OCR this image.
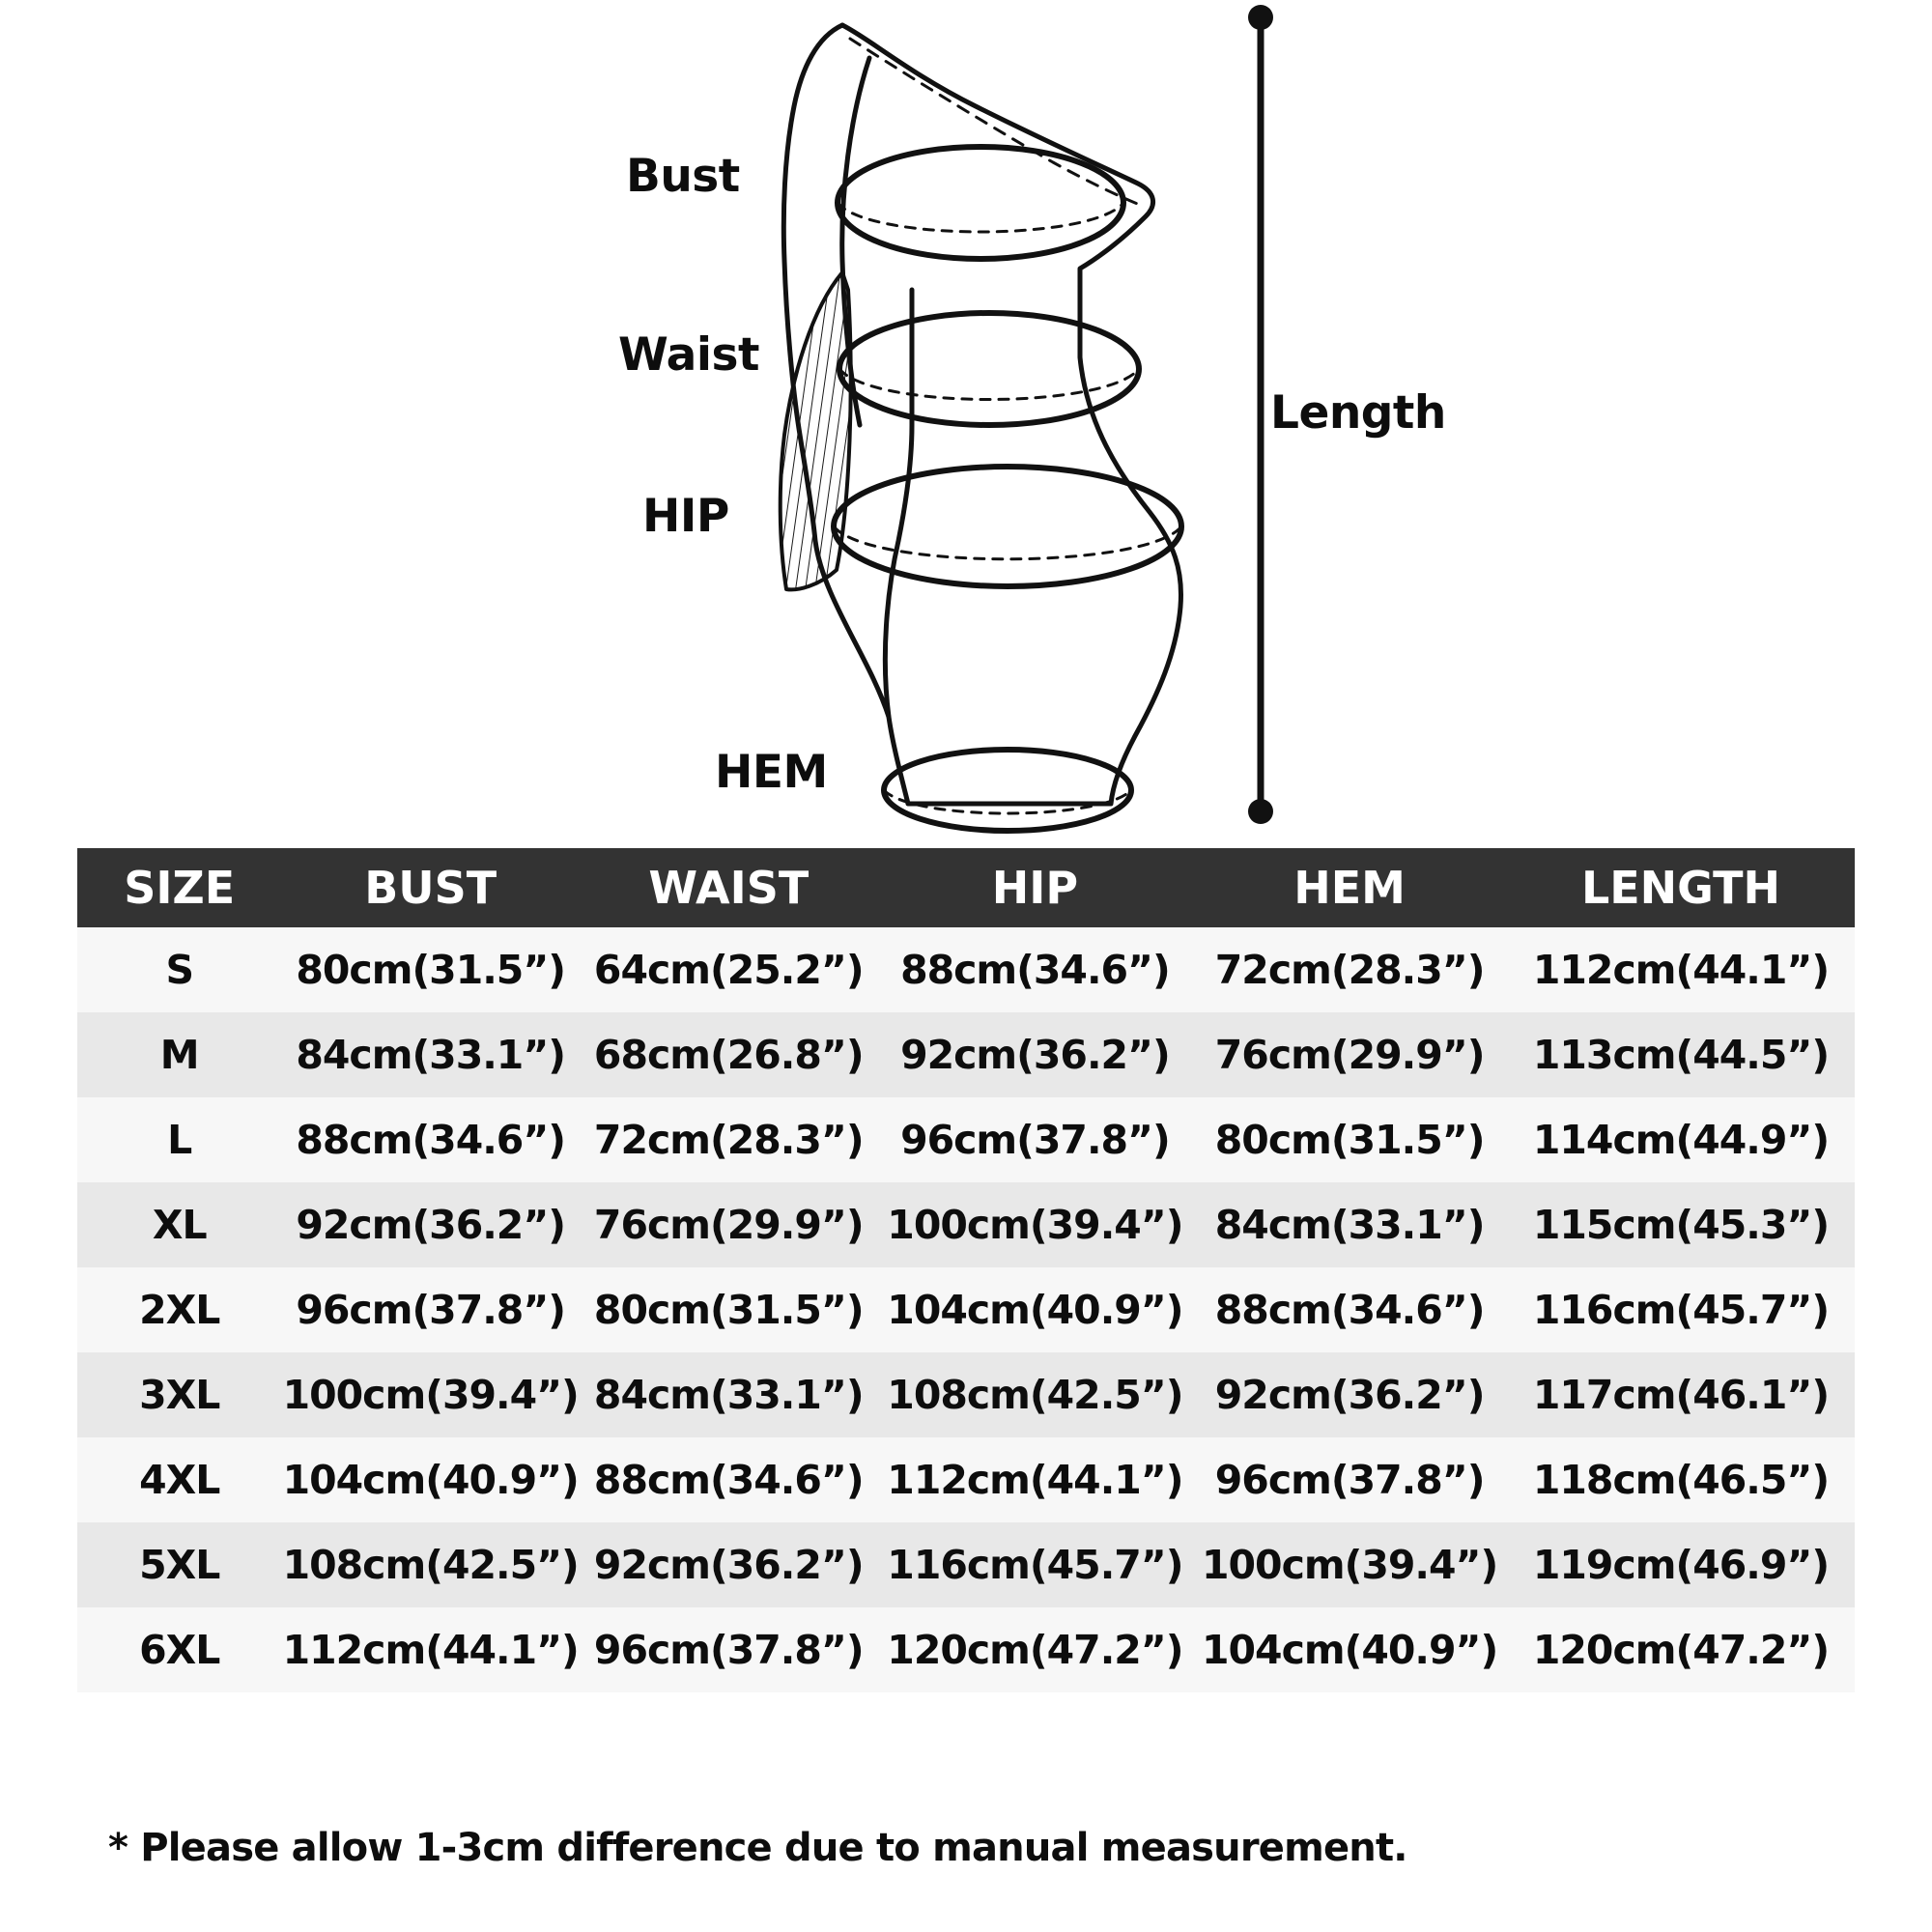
Bust
Waist
HIP
HEM
Length
SIZE	BUST	WAIST	HIP	HEM	LENGTH
S	80cm(31.5”)	64cm(25.2”)	88cm(34.6”)	72cm(28.3”)	112cm(44.1”)
M	84cm(33.1”)	68cm(26.8”)	92cm(36.2”)	76cm(29.9”)	113cm(44.5”)
L	88cm(34.6”)	72cm(28.3”)	96cm(37.8”)	80cm(31.5”)	114cm(44.9”)
XL	92cm(36.2”)	76cm(29.9”)	100cm(39.4”)	84cm(33.1”)	115cm(45.3”)
2XL	96cm(37.8”)	80cm(31.5”)	104cm(40.9”)	88cm(34.6”)	116cm(45.7”)
3XL	100cm(39.4”)	84cm(33.1”)	108cm(42.5”)	92cm(36.2”)	117cm(46.1”)
4XL	104cm(40.9”)	88cm(34.6”)	112cm(44.1”)	96cm(37.8”)	118cm(46.5”)
5XL	108cm(42.5”)	92cm(36.2”)	116cm(45.7”)	100cm(39.4”)	119cm(46.9”)
6XL	112cm(44.1”)	96cm(37.8”)	120cm(47.2”)	104cm(40.9”)	120cm(47.2”)
* Please allow 1-3cm difference due to manual measurement.
